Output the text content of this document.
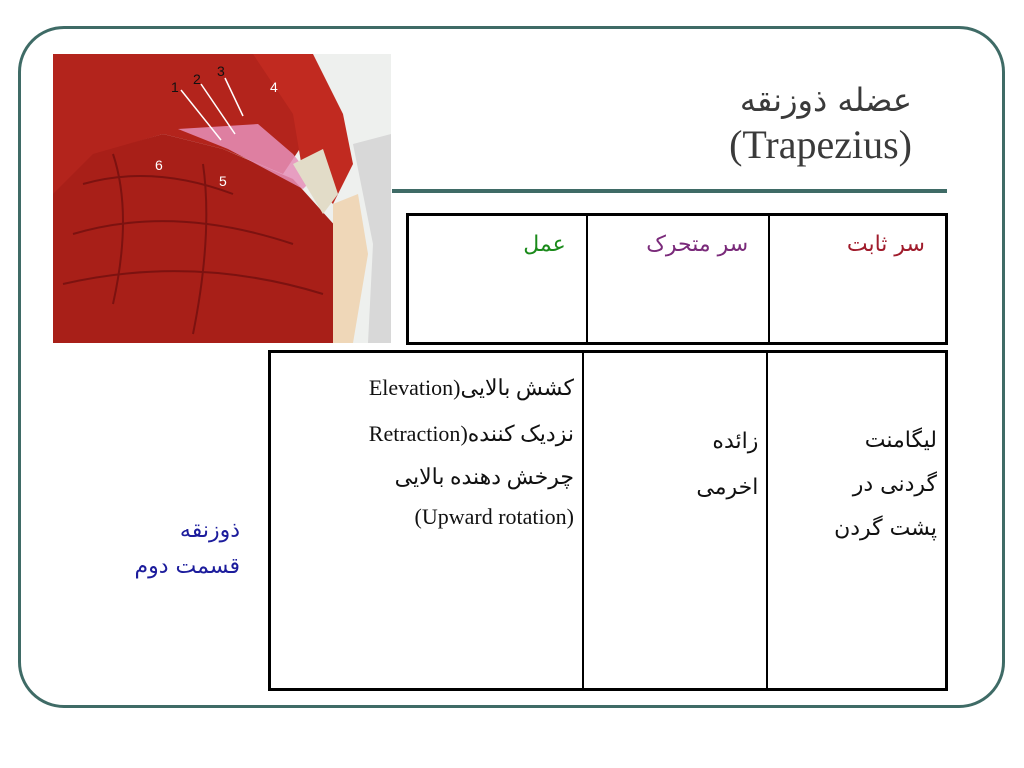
عضله ذوزنقه
(Trapezius)
1 2 3
4
5
6
عمل	سر متحرک	سر ثابت
کشش بالایی(Elevation
نزدیک کننده(Retraction
چرخش دهنده بالایی
(Upward rotation)

زائده
اخرمی

لیگامنت
گردنی در
پشت گردن
ذوزنقه
قسمت دوم
